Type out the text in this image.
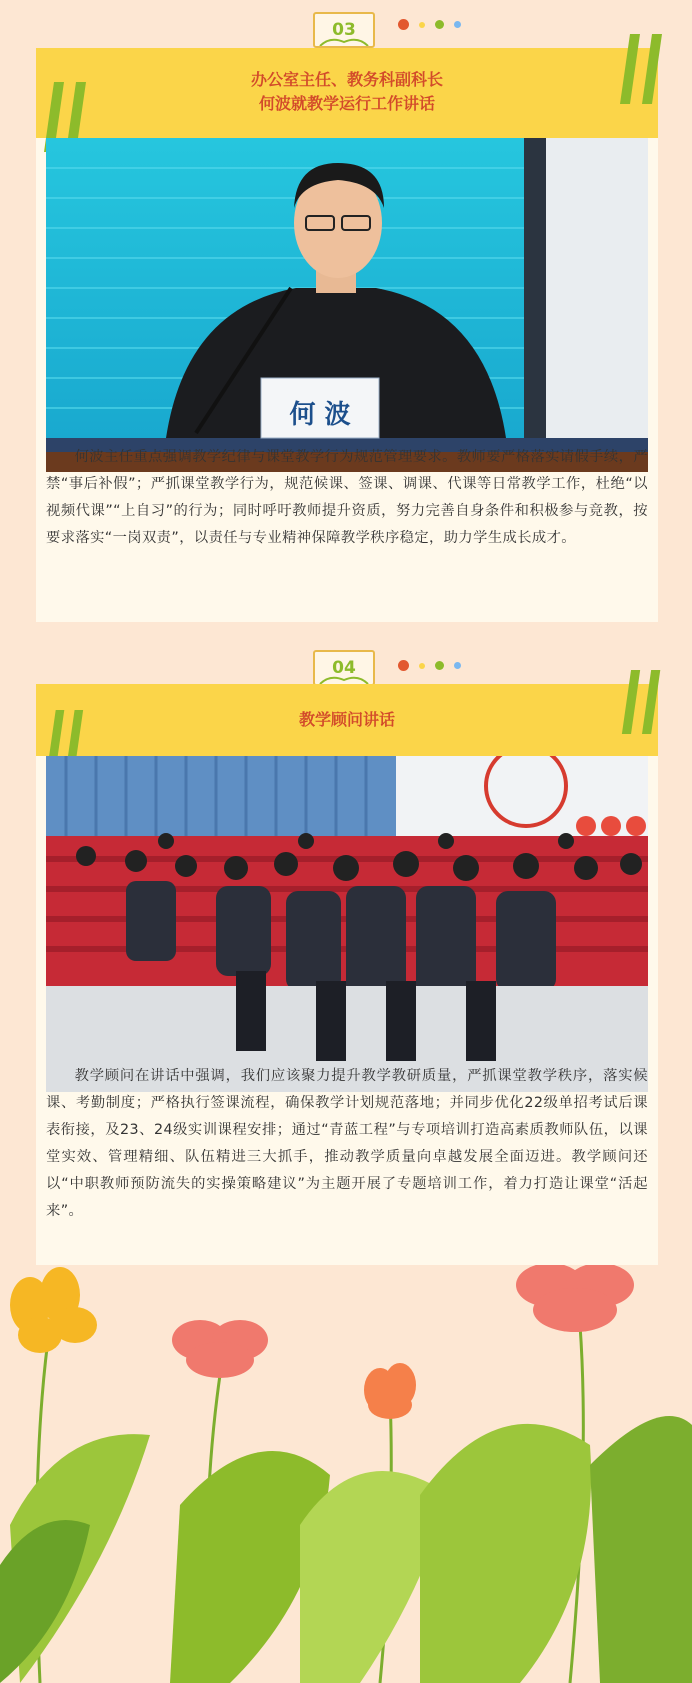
03
办公室主任、教务科副科长
何波就教学运行工作讲话
何 波

何波主任重点强调教学纪律与课堂教学行为规范管理要求。教师要严格落实请假手续，严禁“事后补假”；严抓课堂教学行为，规范候课、签课、调课、代课等日常教学工作，杜绝“以视频代课”“上自习”的行为；同时呼吁教师提升资质，努力完善自身条件和积极参与竞教，按要求落实“一岗双责”，以责任与专业精神保障教学秩序稳定，助力学生成长成才。

04
教学顾问讲话

教学顾问在讲话中强调，我们应该聚力提升教学教研质量，严抓课堂教学秩序，落实候课、考勤制度；严格执行签课流程，确保教学计划规范落地；并同步优化22级单招考试后课表衔接，及23、24级实训课程安排；通过“青蓝工程”与专项培训打造高素质教师队伍，以课堂实效、管理精细、队伍精进三大抓手，推动教学质量向卓越发展全面迈进。教学顾问还以“中职教师预防流失的实操策略建议”为主题开展了专题培训工作，着力打造让课堂“活起来”。
